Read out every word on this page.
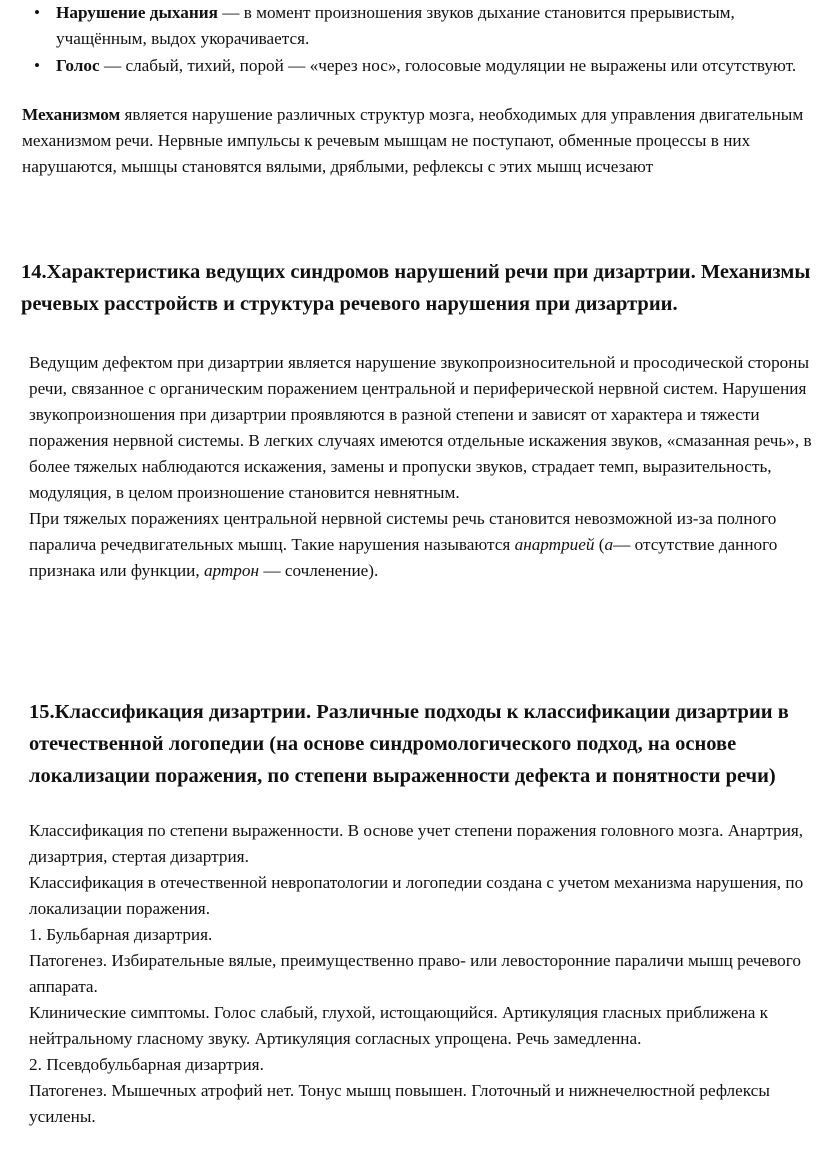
• Нарушение дыхания — в момент произношения звуков дыхание становится прерывистым, учащённым, выдох укорачивается.
• Голос — слабый, тихий, порой — «через нос», голосовые модуляции не выражены или отсутствуют.

Механизмом является нарушение различных структур мозга, необходимых для управления двигательным механизмом речи. Нервные импульсы к речевым мышцам не поступают, обменные процессы в них нарушаются, мышцы становятся вялыми, дряблыми, рефлексы с этих мышц исчезают

14.Характеристика ведущих синдромов нарушений речи при дизартрии. Механизмы речевых расстройств и структура речевого нарушения при дизартрии.

Ведущим дефектом при дизартрии является нарушение звукопроизносительной и просодической стороны речи, связанное с органическим поражением центральной и периферической нервной систем. Нарушения звукопроизношения при дизартрии проявляются в разной степени и зависят от характера и тяжести поражения нервной системы. В легких случаях имеются отдельные искажения звуков, «смазанная речь», в более тяжелых наблюдаются искажения, замены и пропуски звуков, страдает темп, выразительность, модуляция, в целом произношение становится невнятным.

При тяжелых поражениях центральной нервной системы речь становится невозможной из-за полного паралича речедвигательных мышц. Такие нарушения называются анартрией (а— отсутствие данного признака или функции, артрон — сочленение).

15.Классификация дизартрии. Различные подходы к классификации дизартрии в отечественной логопедии (на основе синдромологического подход, на основе локализации поражения, по степени выраженности дефекта и понятности речи)

Классификация по степени выраженности. В основе учет степени поражения головного мозга. Анартрия, дизартрия, стертая дизартрия.

Классификация в отечественной невропатологии и логопедии создана с учетом механизма нарушения, по локализации поражения.

1. Бульбарная дизартрия.

Патогенез. Избирательные вялые, преимущественно право- или левосторонние параличи мышц речевого аппарата.

Клинические симптомы. Голос слабый, глухой, истощающийся. Артикуляция гласных приближена к нейтральному гласному звуку. Артикуляция согласных упрощена. Речь замедленна.

2. Псевдобульбарная дизартрия.

Патогенез. Мышечных атрофий нет. Тонус мышц повышен. Глоточный и нижнечелюстной рефлексы усилены.
